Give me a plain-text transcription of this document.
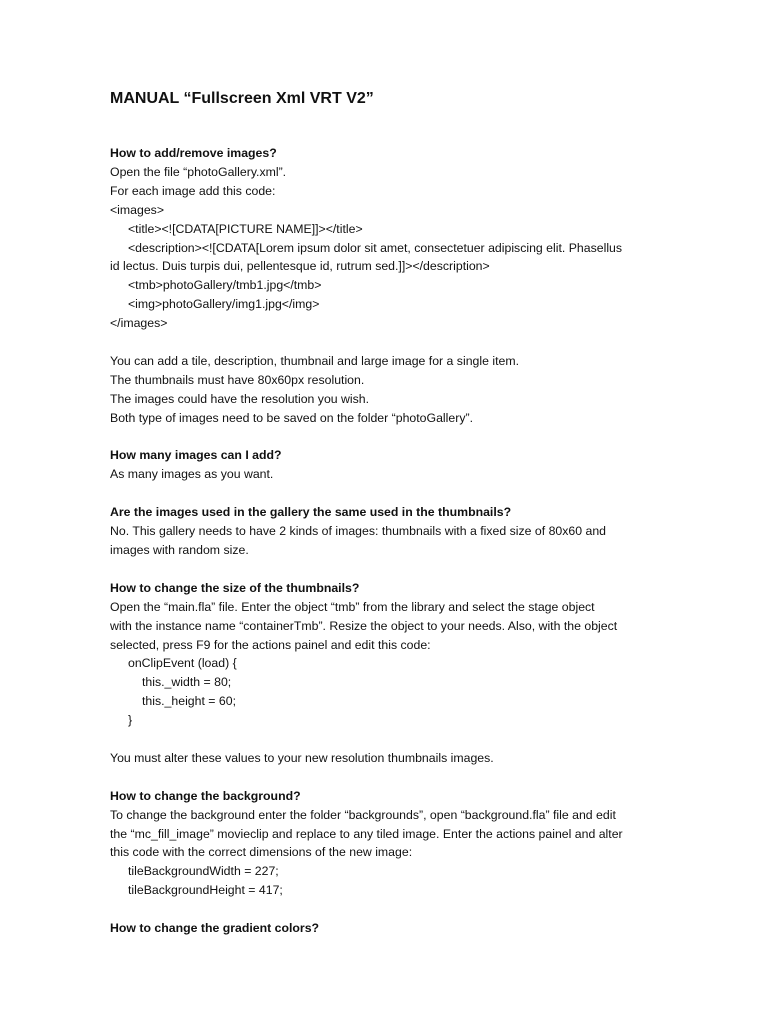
MANUAL “Fullscreen Xml VRT V2”
How to add/remove images?
Open the file “photoGallery.xml”.
For each image add this code:
<images>
<title><![CDATA[PICTURE NAME]]></title>
<description><![CDATA[Lorem ipsum dolor sit amet, consectetuer adipiscing elit. Phasellus
id lectus. Duis turpis dui, pellentesque id, rutrum sed.]]></description>
<tmb>photoGallery/tmb1.jpg</tmb>
<img>photoGallery/img1.jpg</img>
</images>
You can add a tile, description, thumbnail and large image for a single item.
The thumbnails must have 80x60px resolution.
The images could have the resolution you wish.
Both type of images need to be saved on the folder “photoGallery”.
How many images can I add?
As many images as you want.
Are the images used in the gallery the same used in the thumbnails?
No. This gallery needs to have 2 kinds of images: thumbnails with a fixed size of 80x60 and
images with random size.
How to change the size of the thumbnails?
Open the “main.fla” file. Enter the object “tmb” from the library and select the stage object
with the instance name “containerTmb”. Resize the object to your needs. Also, with the object
selected, press F9 for the actions painel and edit this code:
onClipEvent (load) {
this._width = 80;
this._height = 60;
}
You must alter these values to your new resolution thumbnails images.
How to change the background?
To change the background enter the folder “backgrounds”, open “background.fla” file and edit
the “mc_fill_image” movieclip and replace to any tiled image. Enter the actions painel and alter
this code with the correct dimensions of the new image:
tileBackgroundWidth = 227;
tileBackgroundHeight = 417;
How to change the gradient colors?
